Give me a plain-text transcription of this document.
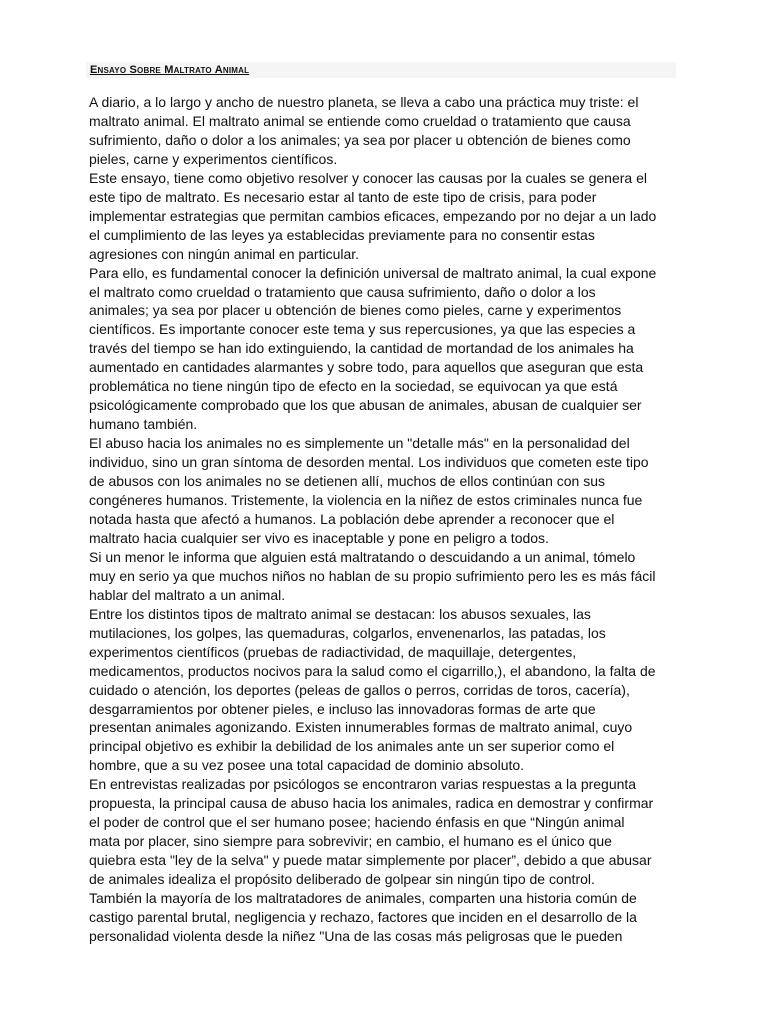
Ensayo Sobre Maltrato Animal

A diario, a lo largo y ancho de nuestro planeta, se lleva a cabo una práctica muy triste: el
maltrato animal. El maltrato animal se entiende como crueldad o tratamiento que causa
sufrimiento, daño o dolor a los animales; ya sea por placer u obtención de bienes como
pieles, carne y experimentos científicos.

Este ensayo, tiene como objetivo resolver y conocer las causas por la cuales se genera el
este tipo de maltrato. Es necesario estar al tanto de este tipo de crisis, para poder
implementar estrategias que permitan cambios eficaces, empezando por no dejar a un lado
el cumplimiento de las leyes ya establecidas previamente para no consentir estas
agresiones con ningún animal en particular.

Para ello, es fundamental conocer la definición universal de maltrato animal, la cual expone
el maltrato como crueldad o tratamiento que causa sufrimiento, daño o dolor a los
animales; ya sea por placer u obtención de bienes como pieles, carne y experimentos
científicos. Es importante conocer este tema y sus repercusiones, ya que las especies a
través del tiempo se han ido extinguiendo, la cantidad de mortandad de los animales ha
aumentado en cantidades alarmantes y sobre todo, para aquellos que aseguran que esta
problemática no tiene ningún tipo de efecto en la sociedad, se equivocan ya que está
psicológicamente comprobado que los que abusan de animales, abusan de cualquier ser
humano también.

El abuso hacia los animales no es simplemente un "detalle más" en la personalidad del
individuo, sino un gran síntoma de desorden mental. Los individuos que cometen este tipo
de abusos con los animales no se detienen allí, muchos de ellos continúan con sus
congéneres humanos. Tristemente, la violencia en la niñez de estos criminales nunca fue
notada hasta que afectó a humanos. La población debe aprender a reconocer que el
maltrato hacia cualquier ser vivo es inaceptable y pone en peligro a todos.

Si un menor le informa que alguien está maltratando o descuidando a un animal, tómelo
muy en serio ya que muchos niños no hablan de su propio sufrimiento pero les es más fácil
hablar del maltrato a un animal.

Entre los distintos tipos de maltrato animal se destacan: los abusos sexuales, las
mutilaciones, los golpes, las quemaduras, colgarlos, envenenarlos, las patadas, los
experimentos científicos (pruebas de radiactividad, de maquillaje, detergentes,
medicamentos, productos nocivos para la salud como el cigarrillo,), el abandono, la falta de
cuidado o atención, los deportes (peleas de gallos o perros, corridas de toros, cacería),
desgarramientos por obtener pieles, e incluso las innovadoras formas de arte que
presentan animales agonizando. Existen innumerables formas de maltrato animal, cuyo
principal objetivo es exhibir la debilidad de los animales ante un ser superior como el
hombre, que a su vez posee una total capacidad de dominio absoluto.

En entrevistas realizadas por psicólogos se encontraron varias respuestas a la pregunta
propuesta, la principal causa de abuso hacia los animales, radica en demostrar y confirmar
el poder de control que el ser humano posee; haciendo énfasis en que “Ningún animal
mata por placer, sino siempre para sobrevivir; en cambio, el humano es el único que
quiebra esta "ley de la selva" y puede matar simplemente por placer”, debido a que abusar
de animales idealiza el propósito deliberado de golpear sin ningún tipo de control.

También la mayoría de los maltratadores de animales, comparten una historia común de
castigo parental brutal, negligencia y rechazo, factores que inciden en el desarrollo de la
personalidad violenta desde la niñez "Una de las cosas más peligrosas que le pueden
